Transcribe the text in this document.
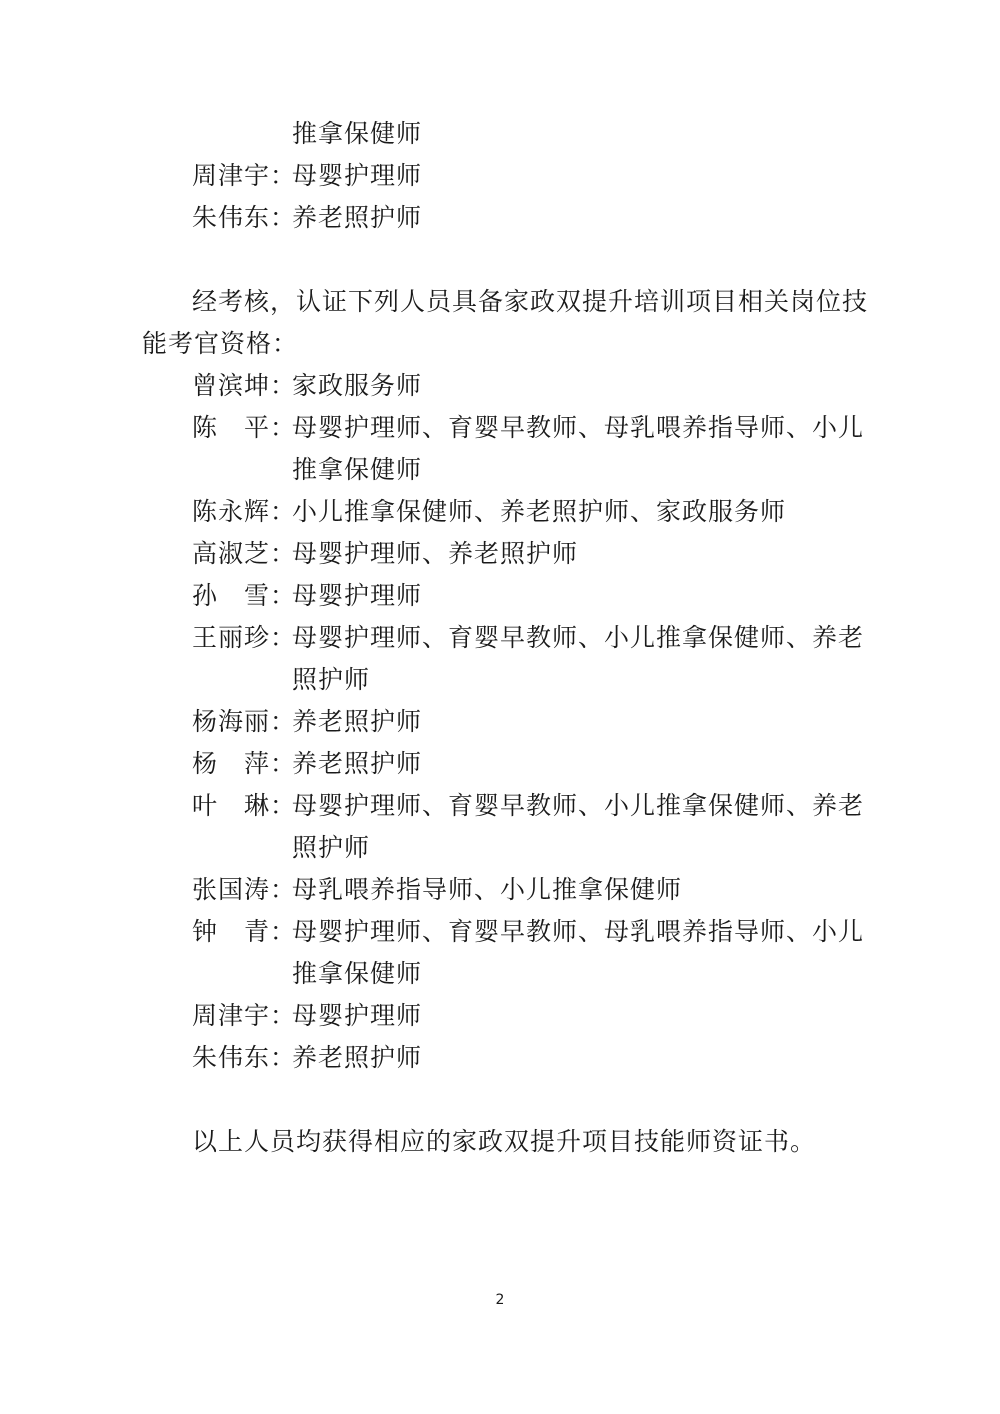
推拿保健师
周津宇：
母婴护理师
朱伟东：
养老照护师
经考核，认证下列人员具备家政双提升培训项目相关岗位技
能考官资格：
曾滨坤：
家政服务师
陈　平：
母婴护理师、育婴早教师、母乳喂养指导师、小儿
推拿保健师
陈永辉：
小儿推拿保健师、养老照护师、家政服务师
高淑芝：
母婴护理师、养老照护师
孙　雪：
母婴护理师
王丽珍：
母婴护理师、育婴早教师、小儿推拿保健师、养老
照护师
杨海丽：
养老照护师
杨　萍：
养老照护师
叶　琳：
母婴护理师、育婴早教师、小儿推拿保健师、养老
照护师
张国涛：
母乳喂养指导师、小儿推拿保健师
钟　青：
母婴护理师、育婴早教师、母乳喂养指导师、小儿
推拿保健师
周津宇：
母婴护理师
朱伟东：
养老照护师
以上人员均获得相应的家政双提升项目技能师资证书。
2
